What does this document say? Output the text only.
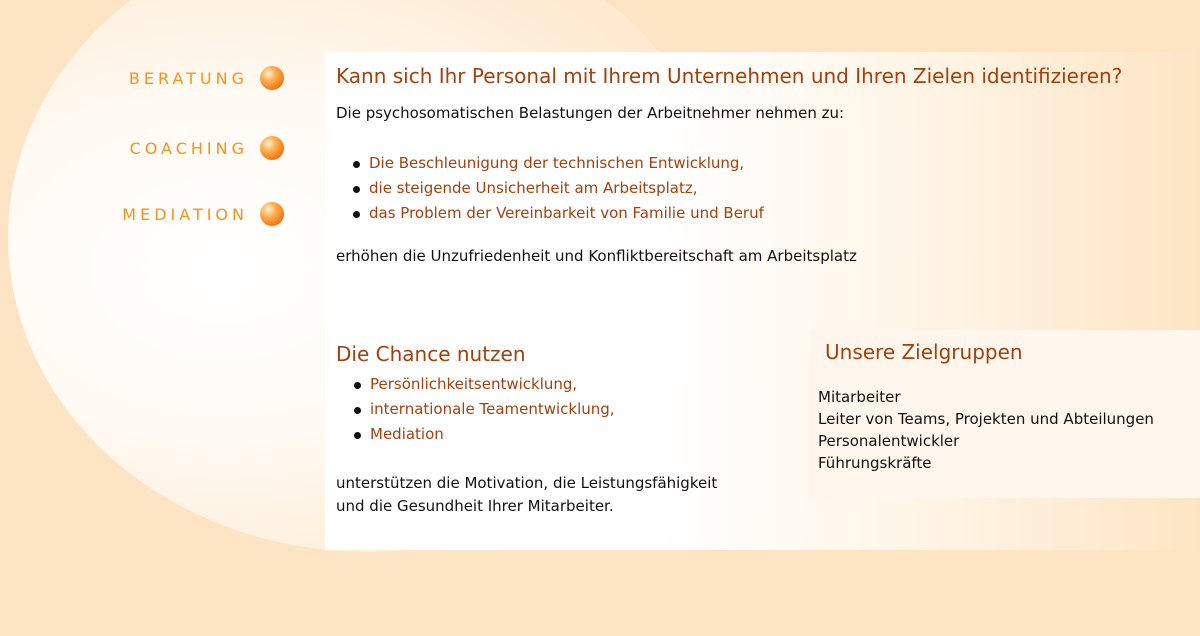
BERATUNG
COACHING
MEDIATION
Kann sich Ihr Personal mit Ihrem Unternehmen und Ihren Zielen identifizieren?

Die psychosomatischen Belastungen der Arbeitnehmer nehmen zu:

Die Beschleunigung der technischen Entwicklung,
die steigende Unsicherheit am Arbeitsplatz,
das Problem der Vereinbarkeit von Familie und Beruf

erhöhen die Unzufriedenheit und Konfliktbereitschaft am Arbeitsplatz

Die Chance nutzen
Persönlichkeitsentwicklung,
internationale Teamentwicklung,
Mediation

unterstützen die Motivation, die Leistungsfähigkeit
und die Gesundheit Ihrer Mitarbeiter.

Unsere Zielgruppen
Mitarbeiter
Leiter von Teams, Projekten und Abteilungen
Personalentwickler
Führungskräfte
